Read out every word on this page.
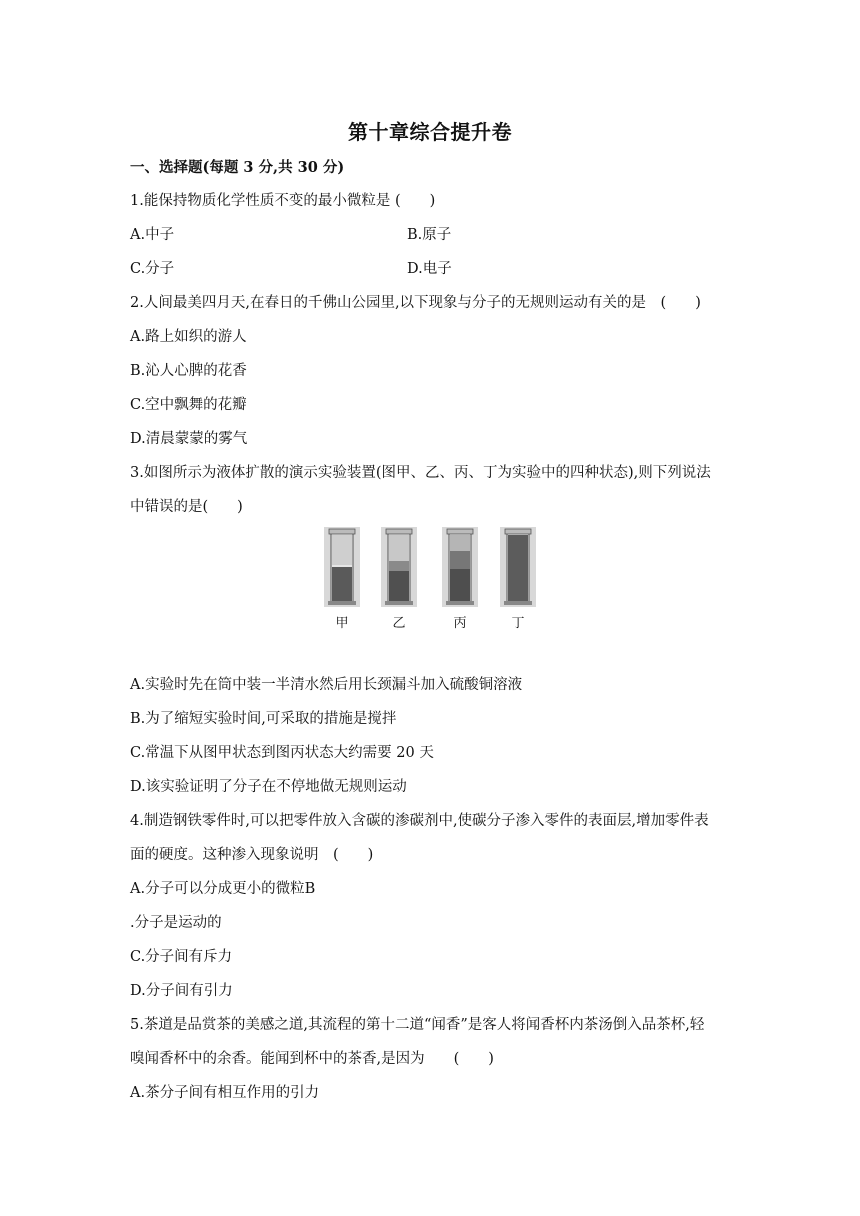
第十章综合提升卷
一、选择题(每题 3 分,共 30 分)
1.能保持物质化学性质不变的最小微粒是 (　　)
A.中子	B.原子
C.分子	D.电子
2.人间最美四月天,在春日的千佛山公园里,以下现象与分子的无规则运动有关的是　(　　)
A.路上如织的游人
B.沁人心脾的花香
C.空中飘舞的花瓣
D.清晨蒙蒙的雾气
3.如图所示为液体扩散的演示实验装置(图甲、乙、丙、丁为实验中的四种状态),则下列说法
中错误的是(　　)
甲	乙	丙	丁
A.实验时先在筒中装一半清水然后用长颈漏斗加入硫酸铜溶液
B.为了缩短实验时间,可采取的措施是搅拌
C.常温下从图甲状态到图丙状态大约需要 20 天
D.该实验证明了分子在不停地做无规则运动
4.制造钢铁零件时,可以把零件放入含碳的渗碳剂中,使碳分子渗入零件的表面层,增加零件表
面的硬度。这种渗入现象说明　(　　)
A.分子可以分成更小的微粒B
.分子是运动的
C.分子间有斥力
D.分子间有引力
5.茶道是品赏茶的美感之道,其流程的第十二道“闻香”是客人将闻香杯内茶汤倒入品茶杯,轻
嗅闻香杯中的余香。能闻到杯中的茶香,是因为　　(　　)
A.茶分子间有相互作用的引力
